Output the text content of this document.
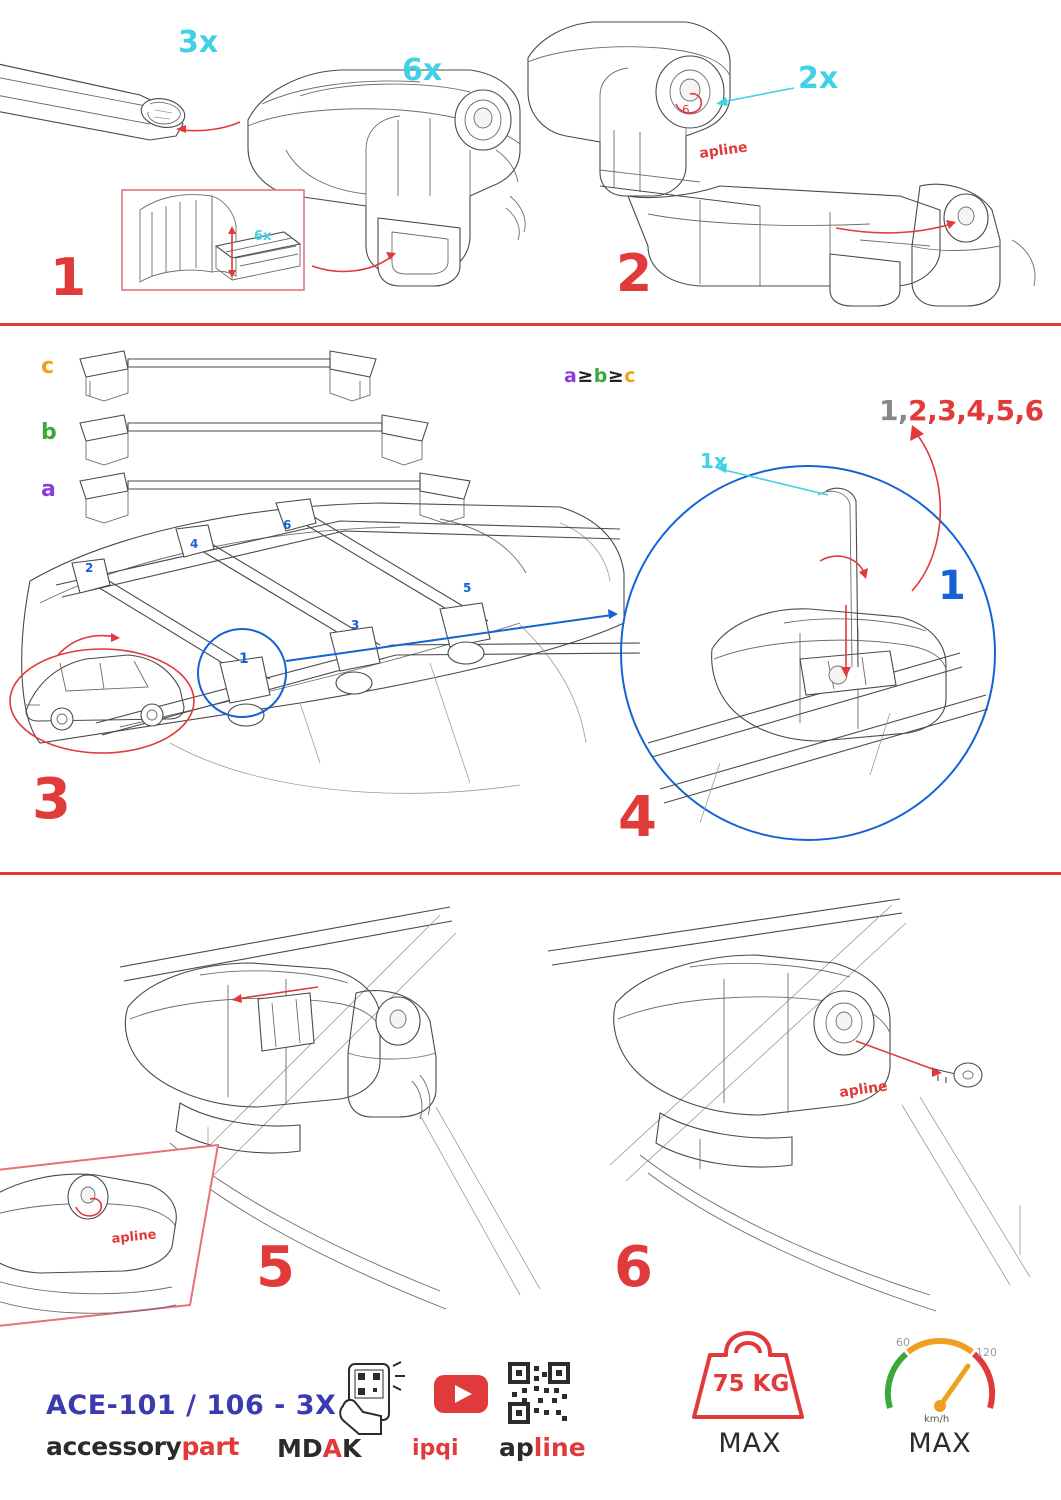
6x
6
apline
3x
6x	2x
1	2
c
b
a
a≥b≥c
1,2,3,4,5,6
1x
1
1
2
3
4
5
6
3	4
apline
apline
5	6
ACE-101 / 106 - 3X
accessorypart MDAK ipqi apline
75 KG
MAX
60
120
km/h
MAX
